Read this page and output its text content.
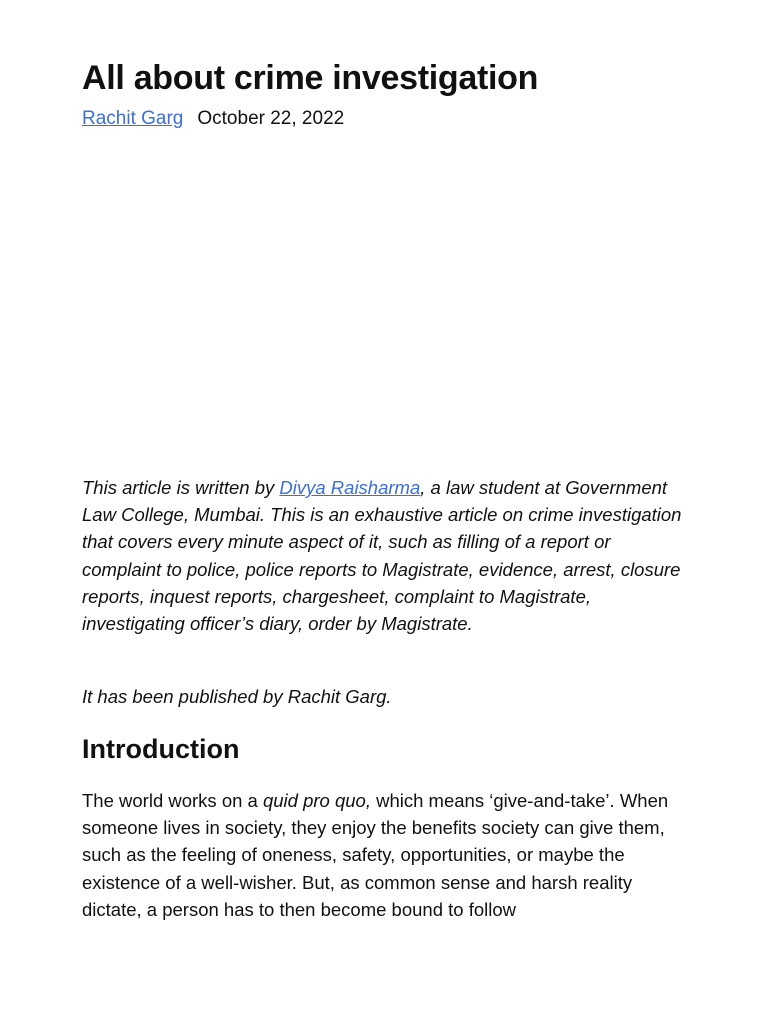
All about crime investigation
Rachit Garg October 22, 2022

This article is written by Divya Raisharma, a law student at Government Law College, Mumbai. This is an exhaustive article on crime investigation that covers every minute aspect of it, such as filling of a report or complaint to police, police reports to Magistrate, evidence, arrest, closure reports, inquest reports, chargesheet, complaint to Magistrate, investigating officer’s diary, order by Magistrate.

It has been published by Rachit Garg.

Introduction

The world works on a quid pro quo, which means ‘give-and-take’. When someone lives in society, they enjoy the benefits society can give them, such as the feeling of oneness, safety, opportunities, or maybe the existence of a well-wisher. But, as common sense and harsh reality dictate, a person has to then become bound to follow
